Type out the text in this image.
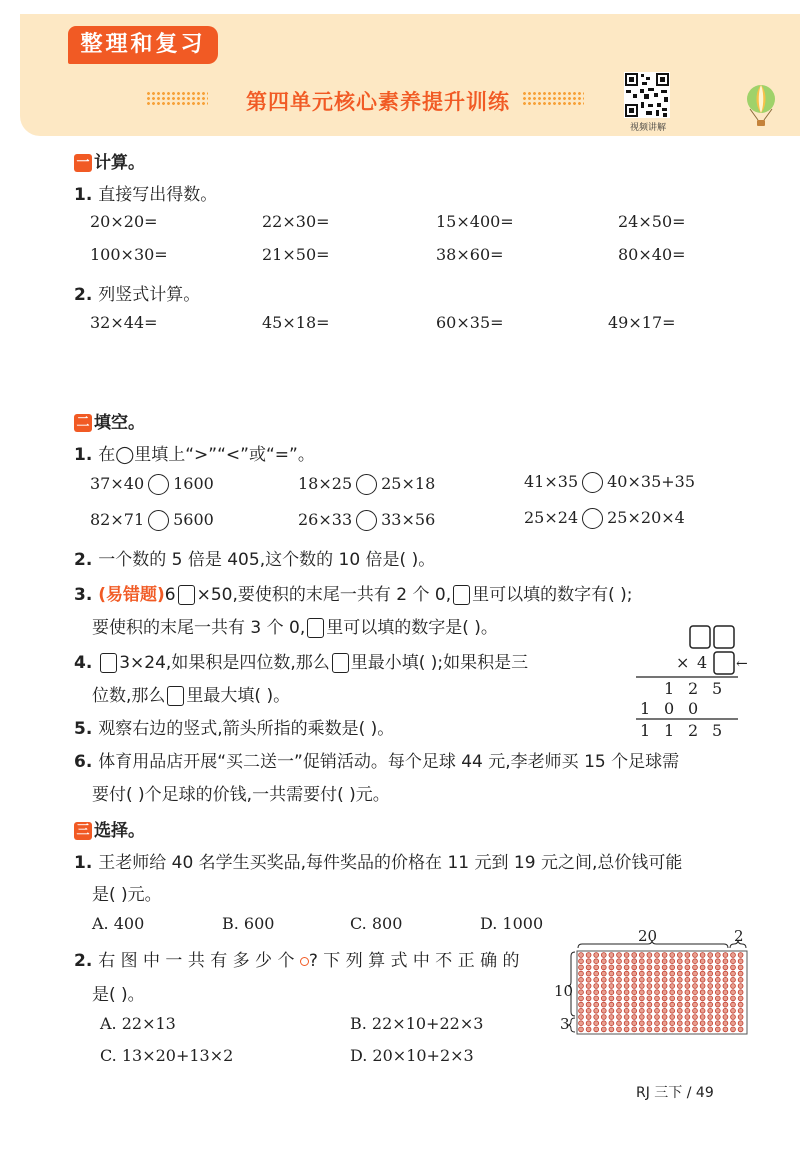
整理和复习
第四单元核心素养提升训练
视频讲解
一 计算。
1. 直接写出得数。
20×20=	22×30=	15×400=	24×50=
100×30=	21×50=	38×60=	80×40=
2. 列竖式计算。
32×44=	45×18=	60×35=	49×17=
二 填空。
1. 在◯里填上“>”“<”或“=”。
37×40 1600	18×25 25×18	41×35 40×35+35
82×71 5600	26×33 33×56	25×24 25×20×4
2. 一个数的 5 倍是 405,这个数的 10 倍是( )。
3. (易错题)6 ×50,要使积的末尾一共有 2 个 0, 里可以填的数字有( );
要使积的末尾一共有 3 个 0, 里可以填的数字是( )。
4. 3×24,如果积是四位数,那么 里最小填( );如果积是三
位数,那么 里最大填( )。
5. 观察右边的竖式,箭头所指的乘数是( )。
6. 体育用品店开展“买二送一”促销活动。每个足球 44 元,李老师买 15 个足球需
要付( )个足球的价钱,一共需要付( )元。
× 4 ←
1 2 5
1 0 0
1 1 2 5
三 选择。
1. 王老师给 40 名学生买奖品,每件奖品的价格在 11 元到 19 元之间,总价钱可能
是( )元。
A. 400	B. 600	C. 800	D. 1000
2. 右 图 中 一 共 有 多 少 个 ? 下 列 算 式 中 不 正 确 的
是( )。
A. 22×13	B. 22×10+22×3
C. 13×20+13×2	D. 20×10+2×3
20	2
10
3
RJ 三下 / 49
